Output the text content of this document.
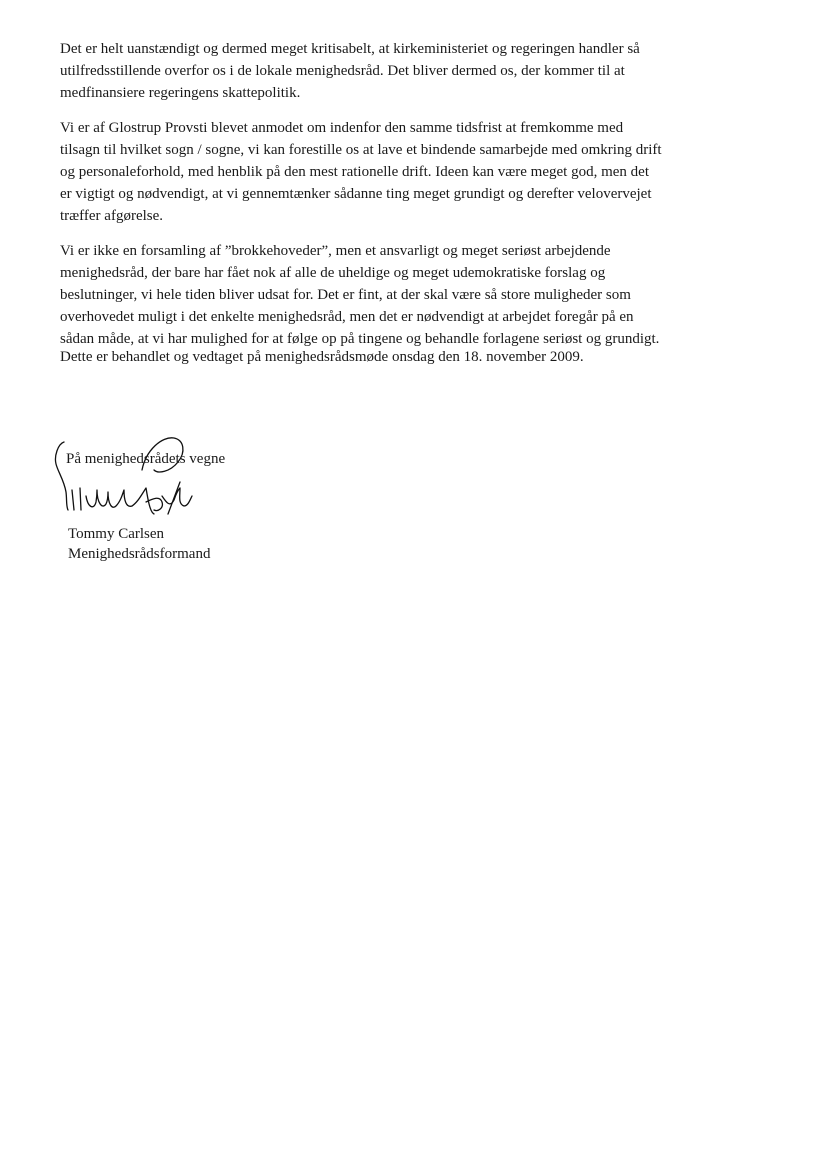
Det er helt uanstændigt og dermed meget kritisabelt, at kirkeministeriet og regeringen handler så
utilfredsstillende overfor os i de lokale menighedsråd. Det bliver dermed os, der kommer til at
medfinansiere regeringens skattepolitik.

Vi er af Glostrup Provsti blevet anmodet om indenfor den samme tidsfrist at fremkomme med
tilsagn til hvilket sogn / sogne, vi kan forestille os at lave et bindende samarbejde med omkring drift
og personaleforhold, med henblik på den mest rationelle drift. Ideen kan være meget god, men det
er vigtigt og nødvendigt, at vi gennemtænker sådanne ting meget grundigt og derefter velovervejet
træffer afgørelse.

Vi er ikke en forsamling af ”brokkehoveder”, men et ansvarligt og meget seriøst arbejdende
menighedsråd, der bare har fået nok af alle de uheldige og meget udemokratiske forslag og
beslutninger, vi hele tiden bliver udsat for. Det er fint, at der skal være så store muligheder som
overhovedet muligt i det enkelte menighedsråd, men det er nødvendigt at arbejdet foregår på en
sådan måde, at vi har mulighed for at følge op på tingene og behandle forlagene seriøst og grundigt.

Dette er behandlet og vedtaget på menighedsrådsmøde onsdag den 18. november 2009.

På menighedsrådets vegne
Tommy Carlsen
Menighedsrådsformand
